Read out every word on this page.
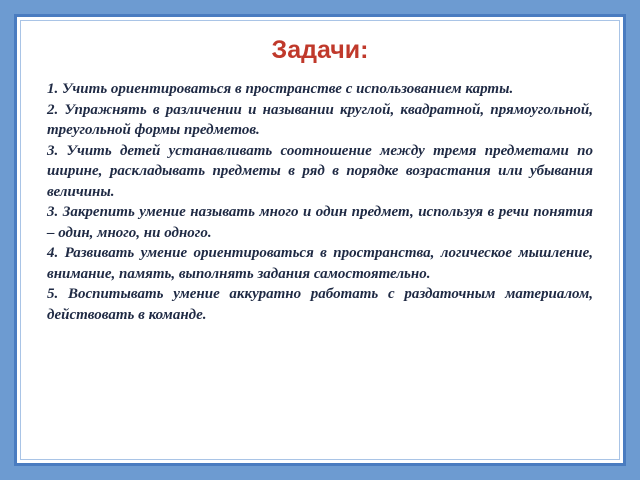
Задачи:
1. Учить ориентироваться в пространстве с использованием карты.
2. Упражнять в различении и назывании круглой, квадратной, прямоугольной, треугольной формы предметов.
3. Учить детей устанавливать соотношение между тремя предметами по ширине, раскладывать предметы в ряд в порядке возрастания или убывания величины.
3. Закрепить умение называть много и один предмет, используя в речи понятия – один, много, ни одного.
4. Развивать умение ориентироваться в пространства, логическое мышление, внимание, память, выполнять задания самостоятельно.
5. Воспитывать умение аккуратно работать с раздаточным материалом, действовать в команде.
